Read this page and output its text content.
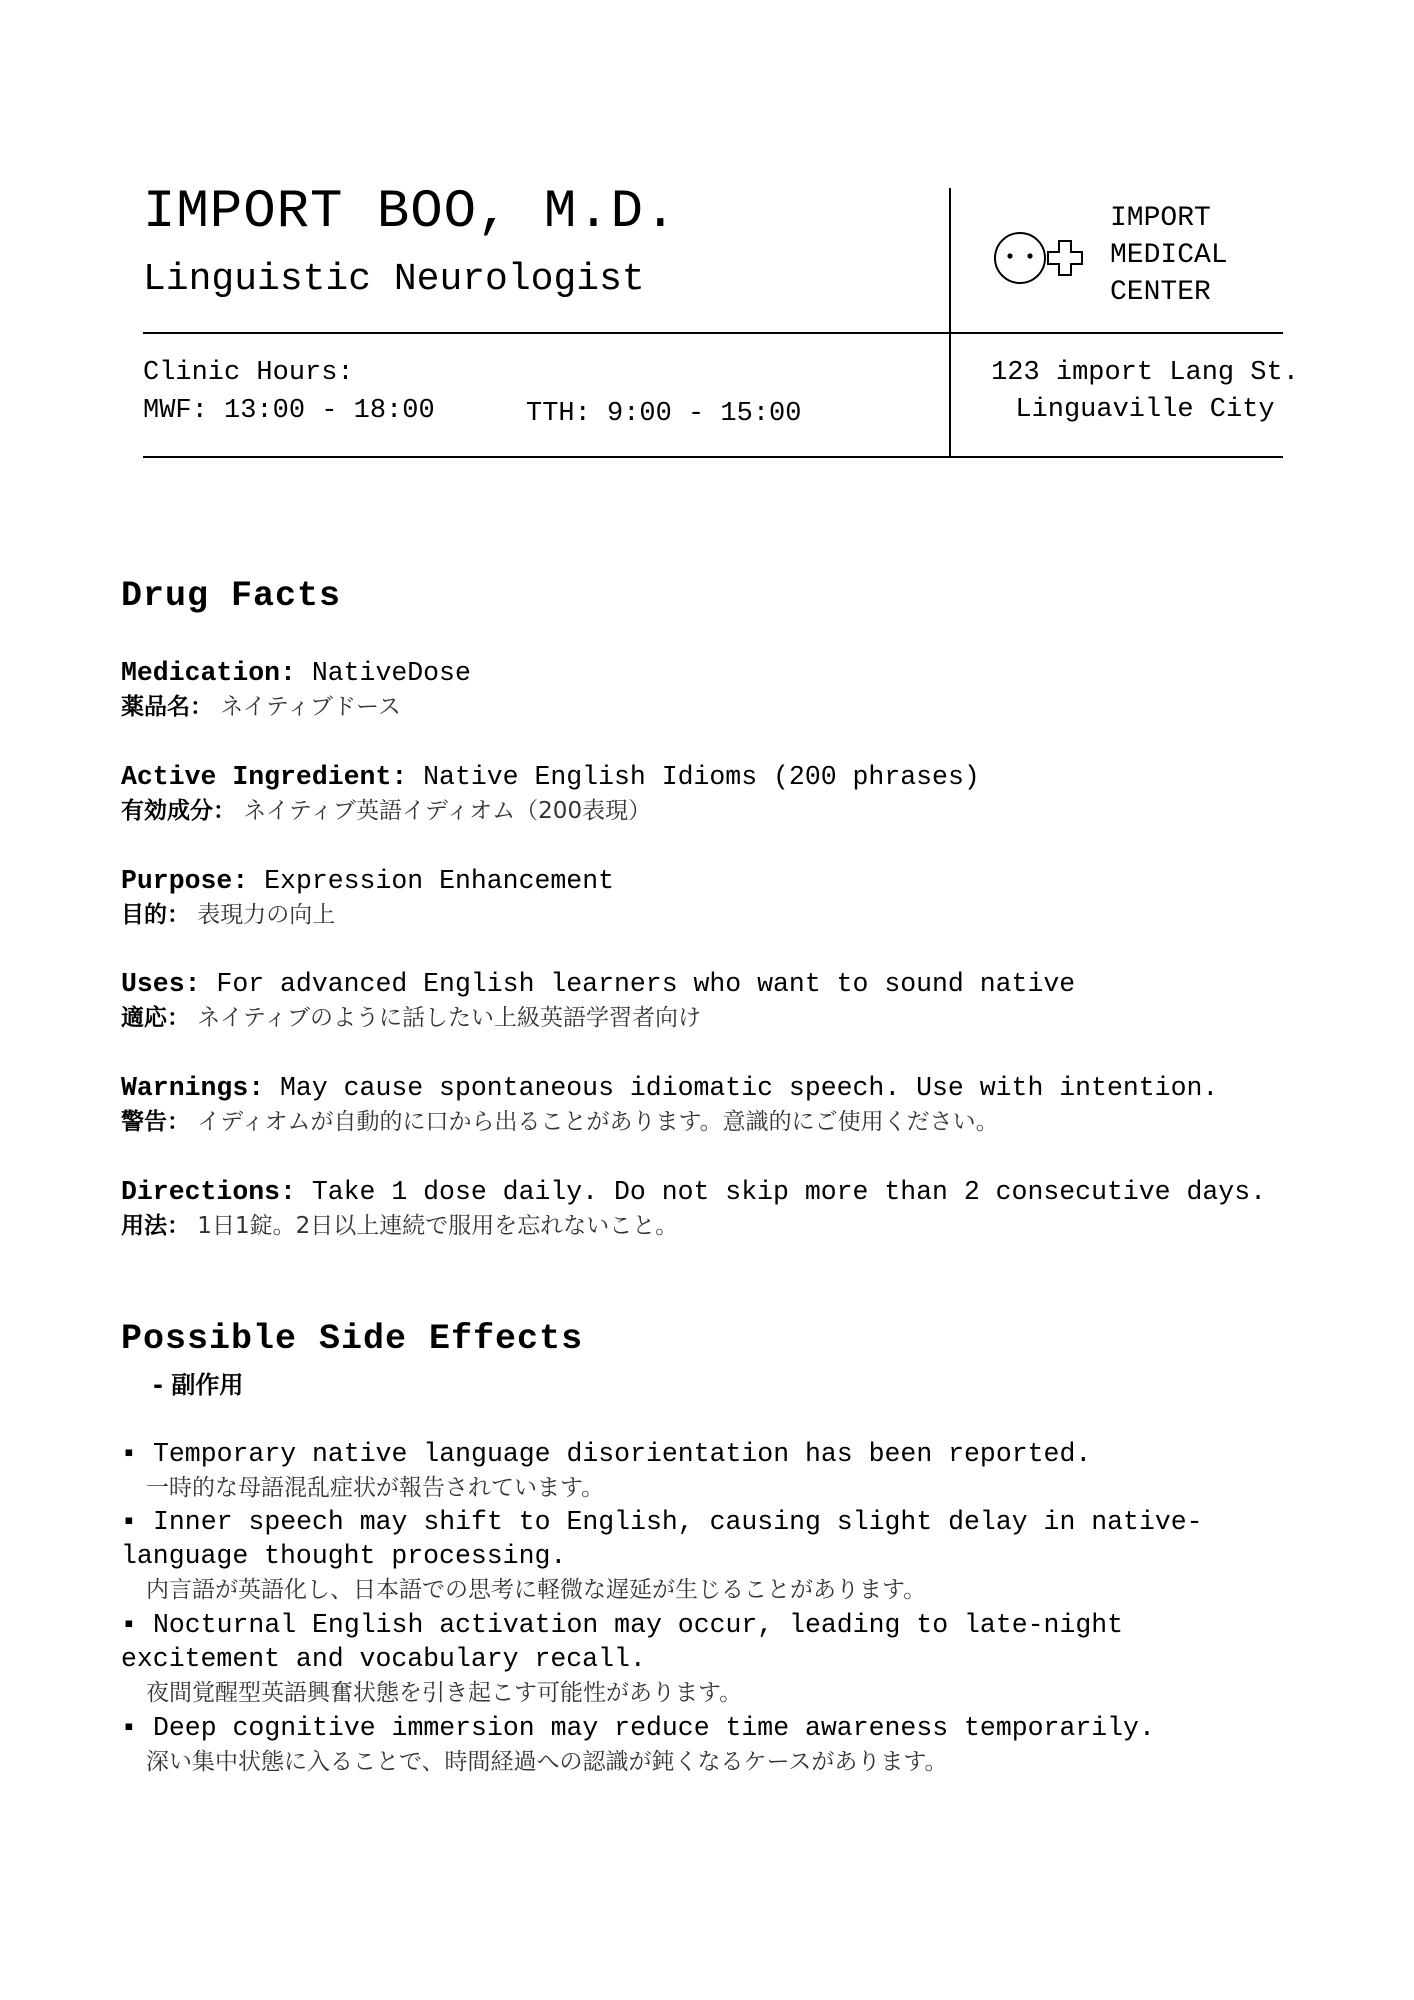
IMPORT BOO, M.D.
Linguistic Neurologist
IMPORT
MEDICAL
CENTER
Clinic Hours:
MWF: 13:00 - 18:00	TTH: 9:00 - 15:00
123 import Lang St.
Linguaville City
Drug Facts
Medication: NativeDose
薬品名： ネイティブドース
Active Ingredient: Native English Idioms (200 phrases)
有効成分： ネイティブ英語イディオム（200表現）
Purpose: Expression Enhancement
目的： 表現力の向上
Uses: For advanced English learners who want to sound native
適応： ネイティブのように話したい上級英語学習者向け
Warnings: May cause spontaneous idiomatic speech. Use with intention.
警告： イディオムが自動的に口から出ることがあります。意識的にご使用ください。
Directions: Take 1 dose daily. Do not skip more than 2 consecutive days.
用法： 1日1錠。2日以上連続で服用を忘れないこと。
Possible Side Effects
- 副作用
▪ Temporary native language disorientation has been reported.
一時的な母語混乱症状が報告されています。
▪ Inner speech may shift to English, causing slight delay in native-
language thought processing.
内言語が英語化し、日本語での思考に軽微な遅延が生じることがあります。
▪ Nocturnal English activation may occur, leading to late-night
excitement and vocabulary recall.
夜間覚醒型英語興奮状態を引き起こす可能性があります。
▪ Deep cognitive immersion may reduce time awareness temporarily.
深い集中状態に入ることで、時間経過への認識が鈍くなるケースがあります。
